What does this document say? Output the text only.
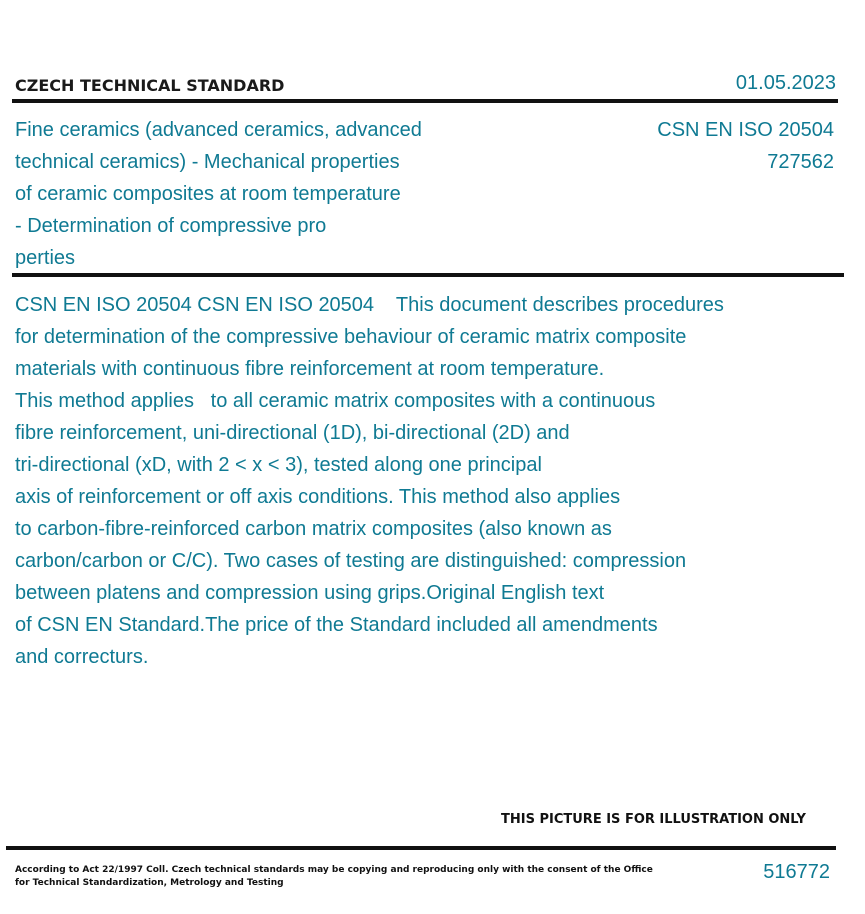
CZECH TECHNICAL STANDARD	01.05.2023
Fine ceramics (advanced ceramics, advanced
technical ceramics) - Mechanical properties
of ceramic composites at room temperature
- Determination of compressive pro
perties
CSN EN ISO 20504
727562
CSN EN ISO 20504 CSN EN ISO 20504    This document describes procedures
for determination of the compressive behaviour of ceramic matrix composite
materials with continuous fibre reinforcement at room temperature.
This method applies   to all ceramic matrix composites with a continuous
fibre reinforcement, uni-directional (1D), bi-directional (2D) and
tri-directional (xD, with 2 < x < 3), tested along one principal
axis of reinforcement or off axis conditions. This method also applies
to carbon-fibre-reinforced carbon matrix composites (also known as
carbon/carbon or C/C). Two cases of testing are distinguished: compression
between platens and compression using grips.Original English text
of CSN EN Standard.The price of the Standard included all amendments
and correcturs.
THIS PICTURE IS FOR ILLUSTRATION ONLY
According to Act 22/1997 Coll. Czech technical standards may be copying and reproducing only with the consent of the Office
for Technical Standardization, Metrology and Testing	516772
